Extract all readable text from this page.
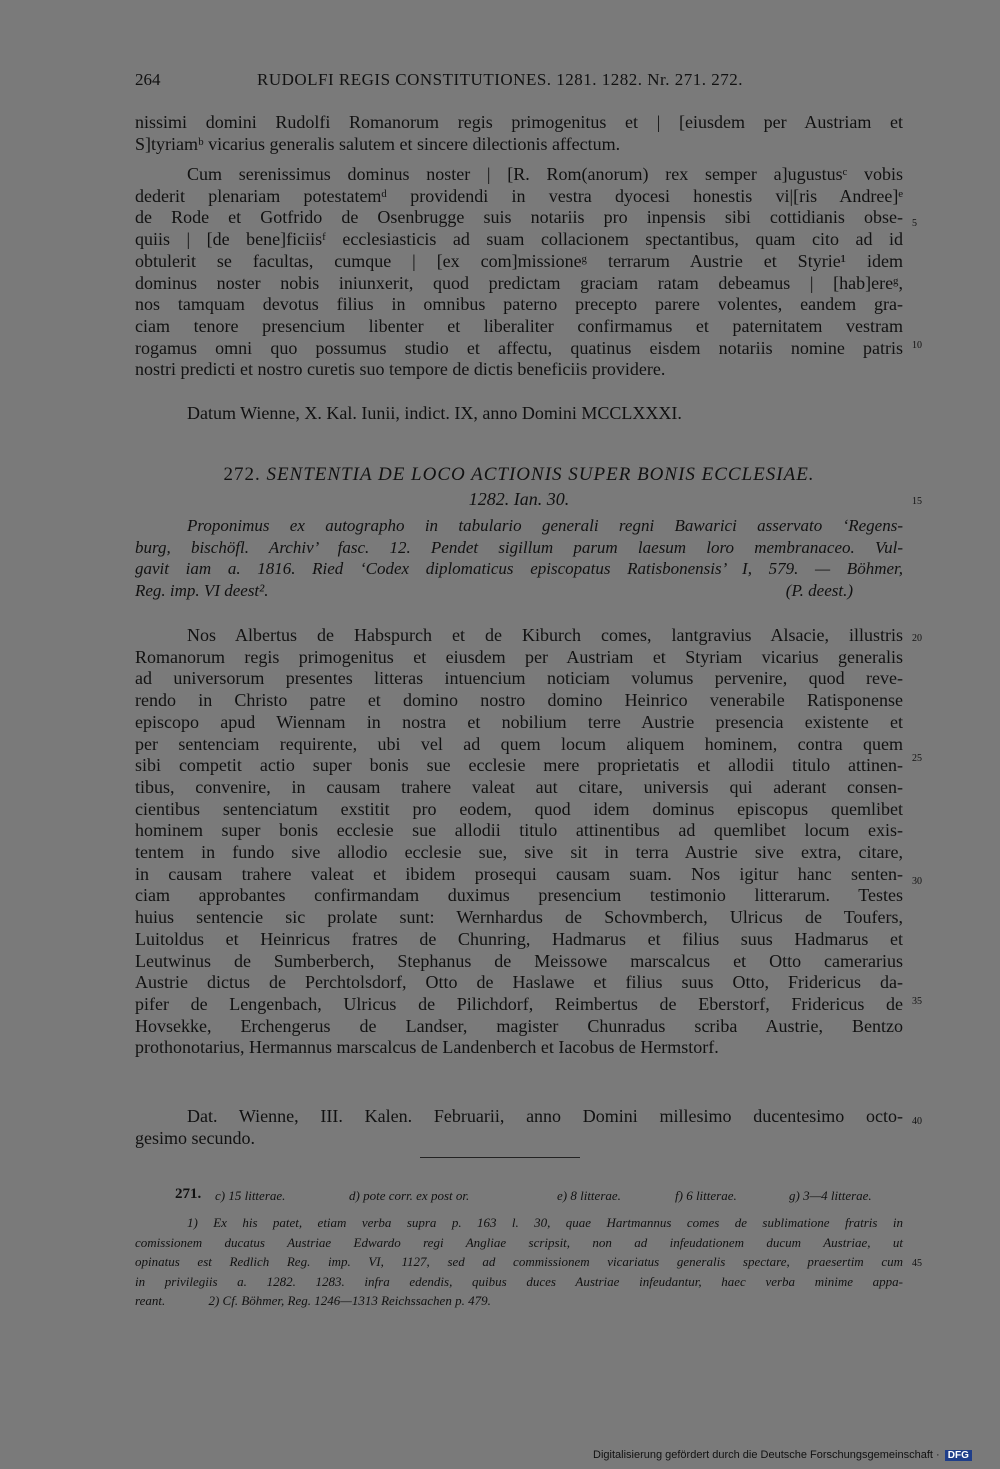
264	RUDOLFI REGIS CONSTITUTIONES. 1281. 1282. Nr. 271. 272.
nissimi domini Rudolfi Romanorum regis primogenitus et | [eiusdem per Austriam et
S]tyriamᵇ vicarius generalis salutem et sincere dilectionis affectum.
Cum serenissimus dominus noster | [R. Rom(anorum) rex semper a]ugustusᶜ vobis
dederit plenariam potestatemᵈ providendi in vestra dyocesi honestis vi|[ris Andree]ᵉ
de Rode et Gotfrido de Osenbrugge suis notariis pro inpensis sibi cottidianis obse-
quiis | [de bene]ficiisᶠ ecclesiasticis ad suam collacionem spectantibus, quam cito ad id
obtulerit se facultas, cumque | [ex com]missioneᵍ terrarum Austrie et Styrie¹ idem
dominus noster nobis iniunxerit, quod predictam graciam ratam debeamus | [hab]ereᵍ,
nos tamquam devotus filius in omnibus paterno precepto parere volentes, eandem gra-
ciam tenore presencium libenter et liberaliter confirmamus et paternitatem vestram
rogamus omni quo possumus studio et affectu, quatinus eisdem notariis nomine patris
nostri predicti et nostro curetis suo tempore de dictis beneficiis providere.
Datum Wienne, X. Kal. Iunii, indict. IX, anno Domini MCCLXXXI.
272. SENTENTIA DE LOCO ACTIONIS SUPER BONIS ECCLESIAE.
1282. Ian. 30.
Proponimus ex autographo in tabulario generali regni Bawarici asservato ‘Regens-
burg, bischöfl. Archiv’ fasc. 12. Pendet sigillum parum laesum loro membranaceo. Vul-
gavit iam a. 1816. Ried ‘Codex diplomaticus episcopatus Ratisbonensis’ I, 579. — Böhmer,
Reg. imp. VI deest².	(P. deest.)
Nos Albertus de Habspurch et de Kiburch comes, lantgravius Alsacie, illustris
Romanorum regis primogenitus et eiusdem per Austriam et Styriam vicarius generalis
ad universorum presentes litteras intuencium noticiam volumus pervenire, quod reve-
rendo in Christo patre et domino nostro domino Heinrico venerabile Ratisponense
episcopo apud Wiennam in nostra et nobilium terre Austrie presencia existente et
per sentenciam requirente, ubi vel ad quem locum aliquem hominem, contra quem
sibi competit actio super bonis sue ecclesie mere proprietatis et allodii titulo attinen-
tibus, convenire, in causam trahere valeat aut citare, universis qui aderant consen-
cientibus sentenciatum exstitit pro eodem, quod idem dominus episcopus quemlibet
hominem super bonis ecclesie sue allodii titulo attinentibus ad quemlibet locum exis-
tentem in fundo sive allodio ecclesie sue, sive sit in terra Austrie sive extra, citare,
in causam trahere valeat et ibidem prosequi causam suam. Nos igitur hanc senten-
ciam approbantes confirmandam duximus presencium testimonio litterarum. Testes
huius sentencie sic prolate sunt: Wernhardus de Schovmberch, Ulricus de Toufers,
Luitoldus et Heinricus fratres de Chunring, Hadmarus et filius suus Hadmarus et
Leutwinus de Sumberberch, Stephanus de Meissowe marscalcus et Otto camerarius
Austrie dictus de Perchtolsdorf, Otto de Haslawe et filius suus Otto, Fridericus da-
pifer de Lengenbach, Ulricus de Pilichdorf, Reimbertus de Eberstorf, Fridericus de
Hovsekke, Erchengerus de Landser, magister Chunradus scriba Austrie, Bentzo
prothonotarius, Hermannus marscalcus de Landenberch et Iacobus de Hermstorf.
Dat. Wienne, III. Kalen. Februarii, anno Domini millesimo ducentesimo octo-
gesimo secundo.
5
10
15
20
25
30
35
40
45
271. c) 15 litterae.	d) pote corr. ex post or.	e) 8 litterae.	f) 6 litterae.	g) 3—4 litterae.
1) Ex his patet, etiam verba supra p. 163 l. 30, quae Hartmannus comes de sublimatione fratris in
comissionem ducatus Austriae Edwardo regi Angliae scripsit, non ad infeudationem ducum Austriae, ut
opinatus est Redlich Reg. imp. VI, 1127, sed ad commissionem vicariatus generalis spectare, praesertim cum
in privilegiis a. 1282. 1283. infra edendis, quibus duces Austriae infeudantur, haec verba minime appa-
reant.	2) Cf. Böhmer, Reg. 1246—1313 Reichssachen p. 479.
Digitalisierung gefördert durch die Deutsche Forschungsgemeinschaft · DFG
